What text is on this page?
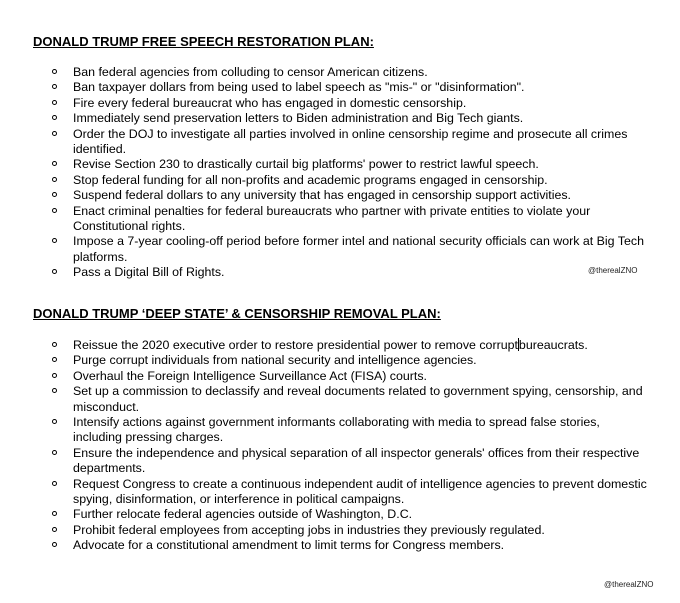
DONALD TRUMP FREE SPEECH RESTORATION PLAN:
Ban federal agencies from colluding to censor American citizens.
Ban taxpayer dollars from being used to label speech as "mis-" or "disinformation".
Fire every federal bureaucrat who has engaged in domestic censorship.
Immediately send preservation letters to Biden administration and Big Tech giants.
Order the DOJ to investigate all parties involved in online censorship regime and prosecute all crimes identified.
Revise Section 230 to drastically curtail big platforms' power to restrict lawful speech.
Stop federal funding for all non-profits and academic programs engaged in censorship.
Suspend federal dollars to any university that has engaged in censorship support activities.
Enact criminal penalties for federal bureaucrats who partner with private entities to violate your Constitutional rights.
Impose a 7-year cooling-off period before former intel and national security officials can work at Big Tech platforms.
Pass a Digital Bill of Rights.	@therealZNO
DONALD TRUMP ‘DEEP STATE’ & CENSORSHIP REMOVAL PLAN:
Reissue the 2020 executive order to restore presidential power to remove corruptbureaucrats.
Purge corrupt individuals from national security and intelligence agencies.
Overhaul the Foreign Intelligence Surveillance Act (FISA) courts.
Set up a commission to declassify and reveal documents related to government spying, censorship, and misconduct.
Intensify actions against government informants collaborating with media to spread false stories, including pressing charges.
Ensure the independence and physical separation of all inspector generals' offices from their respective departments.
Request Congress to create a continuous independent audit of intelligence agencies to prevent domestic spying, disinformation, or interference in political campaigns.
Further relocate federal agencies outside of Washington, D.C.
Prohibit federal employees from accepting jobs in industries they previously regulated.
Advocate for a constitutional amendment to limit terms for Congress members.
@therealZNO
